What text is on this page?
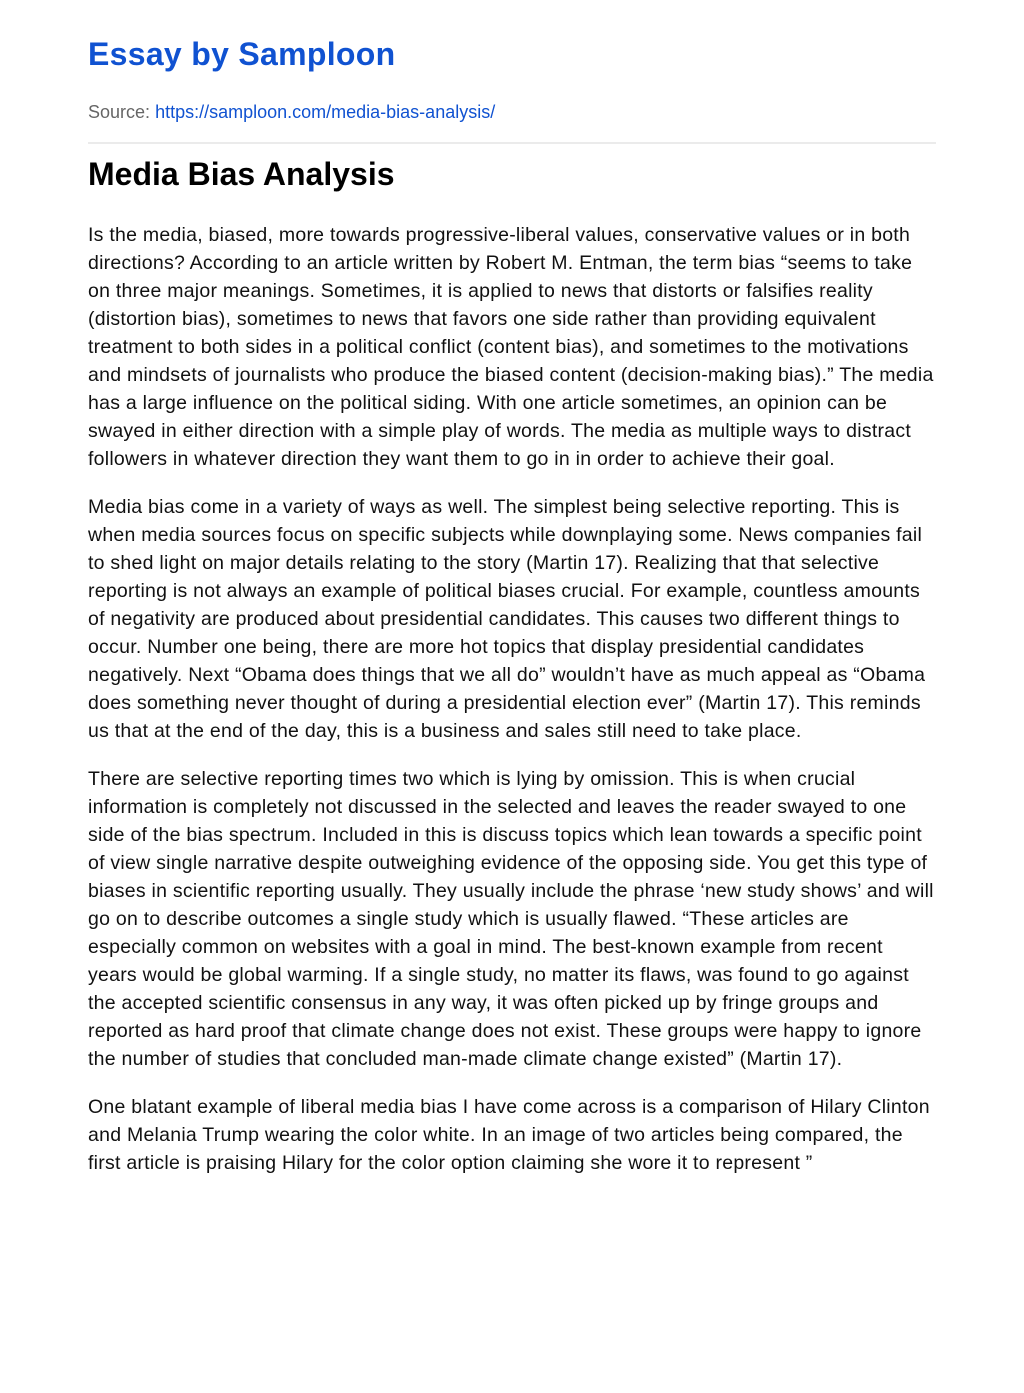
Essay by Samploon
Source: https://samploon.com/media-bias-analysis/
Media Bias Analysis

Is the media, biased, more towards progressive-liberal values, conservative values or in both directions? According to an article written by Robert M. Entman, the term bias “seems to take on three major meanings. Sometimes, it is applied to news that distorts or falsifies reality (distortion bias), sometimes to news that favors one side rather than providing equivalent treatment to both sides in a political conflict (content bias), and sometimes to the motivations and mindsets of journalists who produce the biased content (decision-making bias).” The media has a large influence on the political siding. With one article sometimes, an opinion can be swayed in either direction with a simple play of words. The media as multiple ways to distract followers in whatever direction they want them to go in in order to achieve their goal.

Media bias come in a variety of ways as well. The simplest being selective reporting. This is when media sources focus on specific subjects while downplaying some. News companies fail to shed light on major details relating to the story (Martin 17). Realizing that that selective reporting is not always an example of political biases crucial. For example, countless amounts of negativity are produced about presidential candidates. This causes two different things to occur. Number one being, there are more hot topics that display presidential candidates negatively. Next “Obama does things that we all do” wouldn’t have as much appeal as “Obama does something never thought of during a presidential election ever” (Martin 17). This reminds us that at the end of the day, this is a business and sales still need to take place.

There are selective reporting times two which is lying by omission. This is when crucial information is completely not discussed in the selected and leaves the reader swayed to one side of the bias spectrum. Included in this is discuss topics which lean towards a specific point of view single narrative despite outweighing evidence of the opposing side. You get this type of biases in scientific reporting usually. They usually include the phrase ‘new study shows’ and will go on to describe outcomes a single study which is usually flawed. “These articles are especially common on websites with a goal in mind. The best-known example from recent years would be global warming. If a single study, no matter its flaws, was found to go against the accepted scientific consensus in any way, it was often picked up by fringe groups and reported as hard proof that climate change does not exist. These groups were happy to ignore the number of studies that concluded man-made climate change existed” (Martin 17).

One blatant example of liberal media bias I have come across is a comparison of Hilary Clinton and Melania Trump wearing the color white. In an image of two articles being compared, the first article is praising Hilary for the color option claiming she wore it to represent ”
